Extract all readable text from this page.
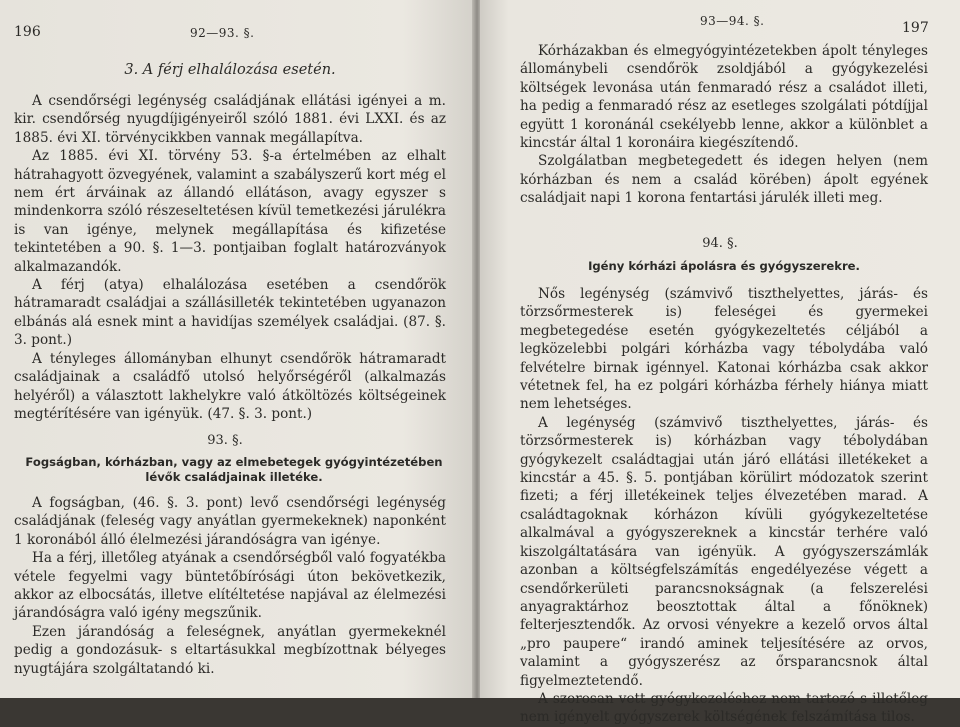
196	92—93. §.
3. A férj elhalálozása esetén.

A csendőrségi legénység családjának ellátási igényei a m. kir. csendőrség nyugdíjigényeiről szóló 1881. évi LXXI. és az 1885. évi XI. törvénycikkben vannak megállapítva.

Az 1885. évi XI. törvény 53. §-a értelmében az elhalt hátrahagyott özvegyének, valamint a szabályszerű kort még el nem ért árváinak az állandó ellátáson, avagy egyszer s mindenkorra szóló részeseltetésen kívül temetkezési járulékra is van igénye, melynek megállapítása és kifizetése tekintetében a 90. §. 1—3. pontjaiban foglalt határozványok alkalmazandók.

A férj (atya) elhalálozása esetében a csendőrök hátramaradt családjai a szállásilleték tekintetében ugyanazon elbánás alá esnek mint a havidíjas személyek családjai. (87. §. 3. pont.)

A tényleges állományban elhunyt csendőrök hátramaradt családjainak a családfő utolsó helyőrségéről (alkalmazás helyéről) a választott lakhelykre való átköltözés költségeinek megtérítésére van igényük. (47. §. 3. pont.)

93. §.
Fogságban, kórházban, vagy az elmebetegek gyógyintézetében lévők családjainak illetéke.

A fogságban, (46. §. 3. pont) levő csendőrségi legénység családjának (feleség vagy anyátlan gyermekeknek) naponként 1 koronából álló élelmezési járandóságra van igénye.

Ha a férj, illetőleg atyának a csendőrségből való fogyatékba vétele fegyelmi vagy büntetőbírósági úton bekövetkezik, akkor az elbocsátás, illetve elítéltetése napjával az élelmezési járandóságra való igény megszűnik.

Ezen járandóság a feleségnek, anyátlan gyermekeknél pedig a gondozásuk- s eltartásukkal megbízottnak bélyeges nyugtájára szolgáltatandó ki.

93—94. §.	197

Kórházakban és elmegyógyintézetekben ápolt tényleges állománybeli csendőrök zsoldjából a gyógykezelési költségek levonása után fenmaradó rész a családot illeti, ha pedig a fenmaradó rész az esetleges szolgálati pótdíjjal együtt 1 koronánál csekélyebb lenne, akkor a különblet a kincstár által 1 koronáira kiegészítendő.

Szolgálatban megbetegedett és idegen helyen (nem kórházban és nem a család körében) ápolt egyének családjait napi 1 korona fentartási járulék illeti meg.

94. §.
Igény kórházi ápolásra és gyógyszerekre.

Nős legénység (számvivő tiszthelyettes, járás- és törzsőrmesterek is) feleségei és gyermekei megbetegedése esetén gyógykezeltetés céljából a legközelebbi polgári kórházba vagy tébolydába való felvételre birnak igénnyel. Katonai kórházba csak akkor vétetnek fel, ha ez polgári kórházba férhely hiánya miatt nem lehetséges.

A legénység (számvivő tiszthelyettes, járás- és törzsőrmesterek is) kórházban vagy tébolydában gyógykezelt családtagjai után járó ellátási illetékeket a kincstár a 45. §. 5. pontjában körülirt módozatok szerint fizeti; a férj illetékeinek teljes élvezetében marad. A családtagoknak kórházon kívüli gyógykezeltetése alkalmával a gyógyszereknek a kincstár terhére való kiszolgáltatására van igényük. A gyógyszerszámlák azonban a költségfelszámítás engedélyezése végett a csendőrkerületi parancsnokságnak (a felszerelési anyagraktárhoz beosztottak által a főnöknek) felterjesztendők. Az orvosi vényekre a kezelő orvos által „pro paupere“ irandó aminek teljesítésére az orvos, valamint a gyógyszerész az őrsparancsnok által figyelmeztetendő.

A szorosan vett gyógykezeléshez nem tartozó s illetőleg nem igényelt gyógyszerek költségének felszámítása tilos.
